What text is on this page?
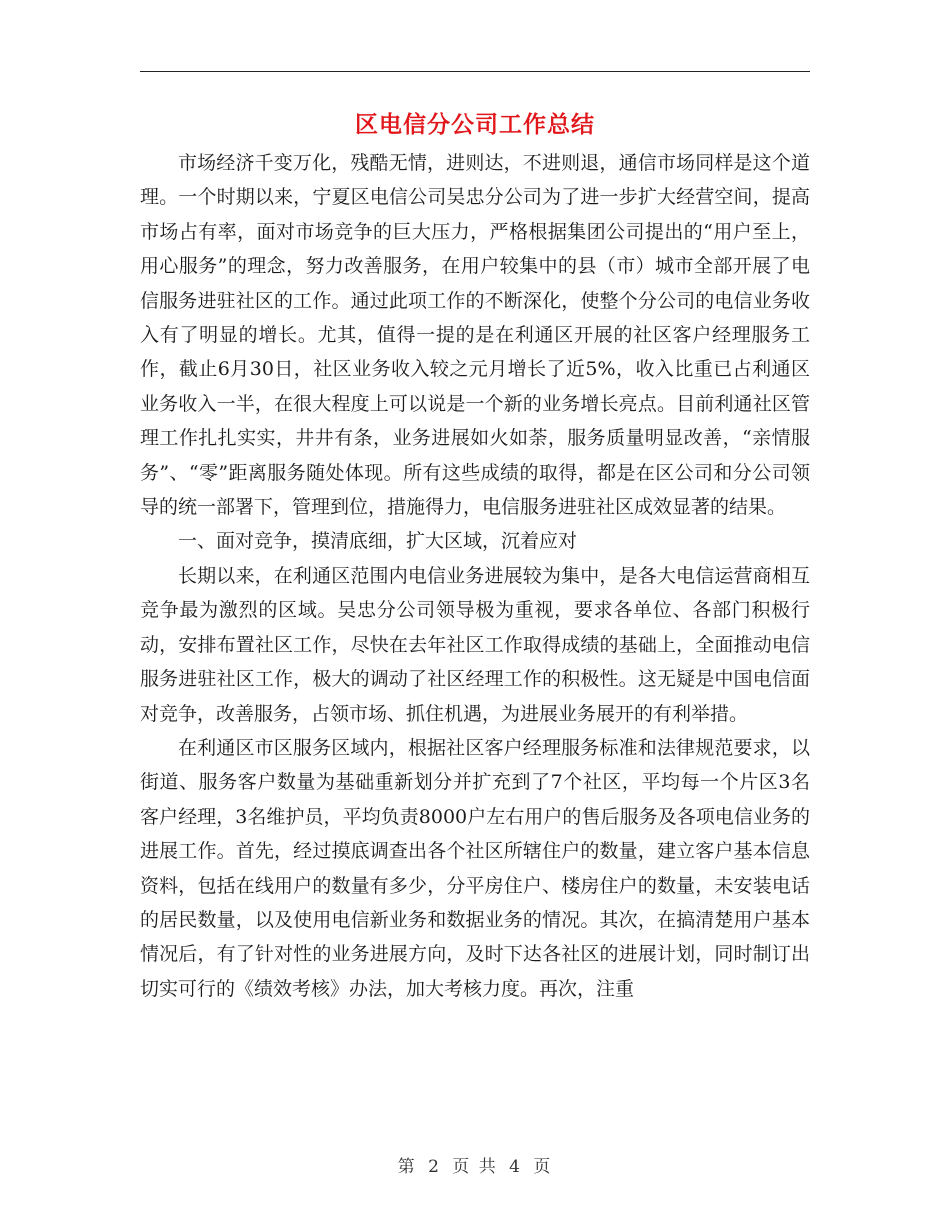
区电信分公司工作总结

市场经济千变万化，残酷无情，进则达，不进则退，通信市场同样是这个道理。一个时期以来，宁夏区电信公司吴忠分公司为了进一步扩大经营空间，提高市场占有率，面对市场竞争的巨大压力，严格根据集团公司提出的“用户至上，用心服务”的理念，努力改善服务，在用户较集中的县（市）城市全部开展了电信服务进驻社区的工作。通过此项工作的不断深化，使整个分公司的电信业务收入有了明显的增长。尤其，值得一提的是在利通区开展的社区客户经理服务工作，截止6月30日，社区业务收入较之元月增长了近5%，收入比重已占利通区业务收入一半，在很大程度上可以说是一个新的业务增长亮点。目前利通社区管理工作扎扎实实，井井有条，业务进展如火如荼，服务质量明显改善，“亲情服务”、“零”距离服务随处体现。所有这些成绩的取得，都是在区公司和分公司领导的统一部署下，管理到位，措施得力，电信服务进驻社区成效显著的结果。

一、面对竞争，摸清底细，扩大区域，沉着应对

长期以来，在利通区范围内电信业务进展较为集中，是各大电信运营商相互竞争最为激烈的区域。吴忠分公司领导极为重视，要求各单位、各部门积极行动，安排布置社区工作，尽快在去年社区工作取得成绩的基础上，全面推动电信服务进驻社区工作，极大的调动了社区经理工作的积极性。这无疑是中国电信面对竞争，改善服务，占领市场、抓住机遇，为进展业务展开的有利举措。

在利通区市区服务区域内，根据社区客户经理服务标准和法律规范要求，以街道、服务客户数量为基础重新划分并扩充到了7个社区，平均每一个片区3名客户经理，3名维护员，平均负责8000户左右用户的售后服务及各项电信业务的进展工作。首先，经过摸底调查出各个社区所辖住户的数量，建立客户基本信息资料，包括在线用户的数量有多少，分平房住户、楼房住户的数量，未安装电话的居民数量，以及使用电信新业务和数据业务的情况。其次，在搞清楚用户基本情况后，有了针对性的业务进展方向，及时下达各社区的进展计划，同时制订出切实可行的《绩效考核》办法，加大考核力度。再次，注重

第 2 页 共 4 页
